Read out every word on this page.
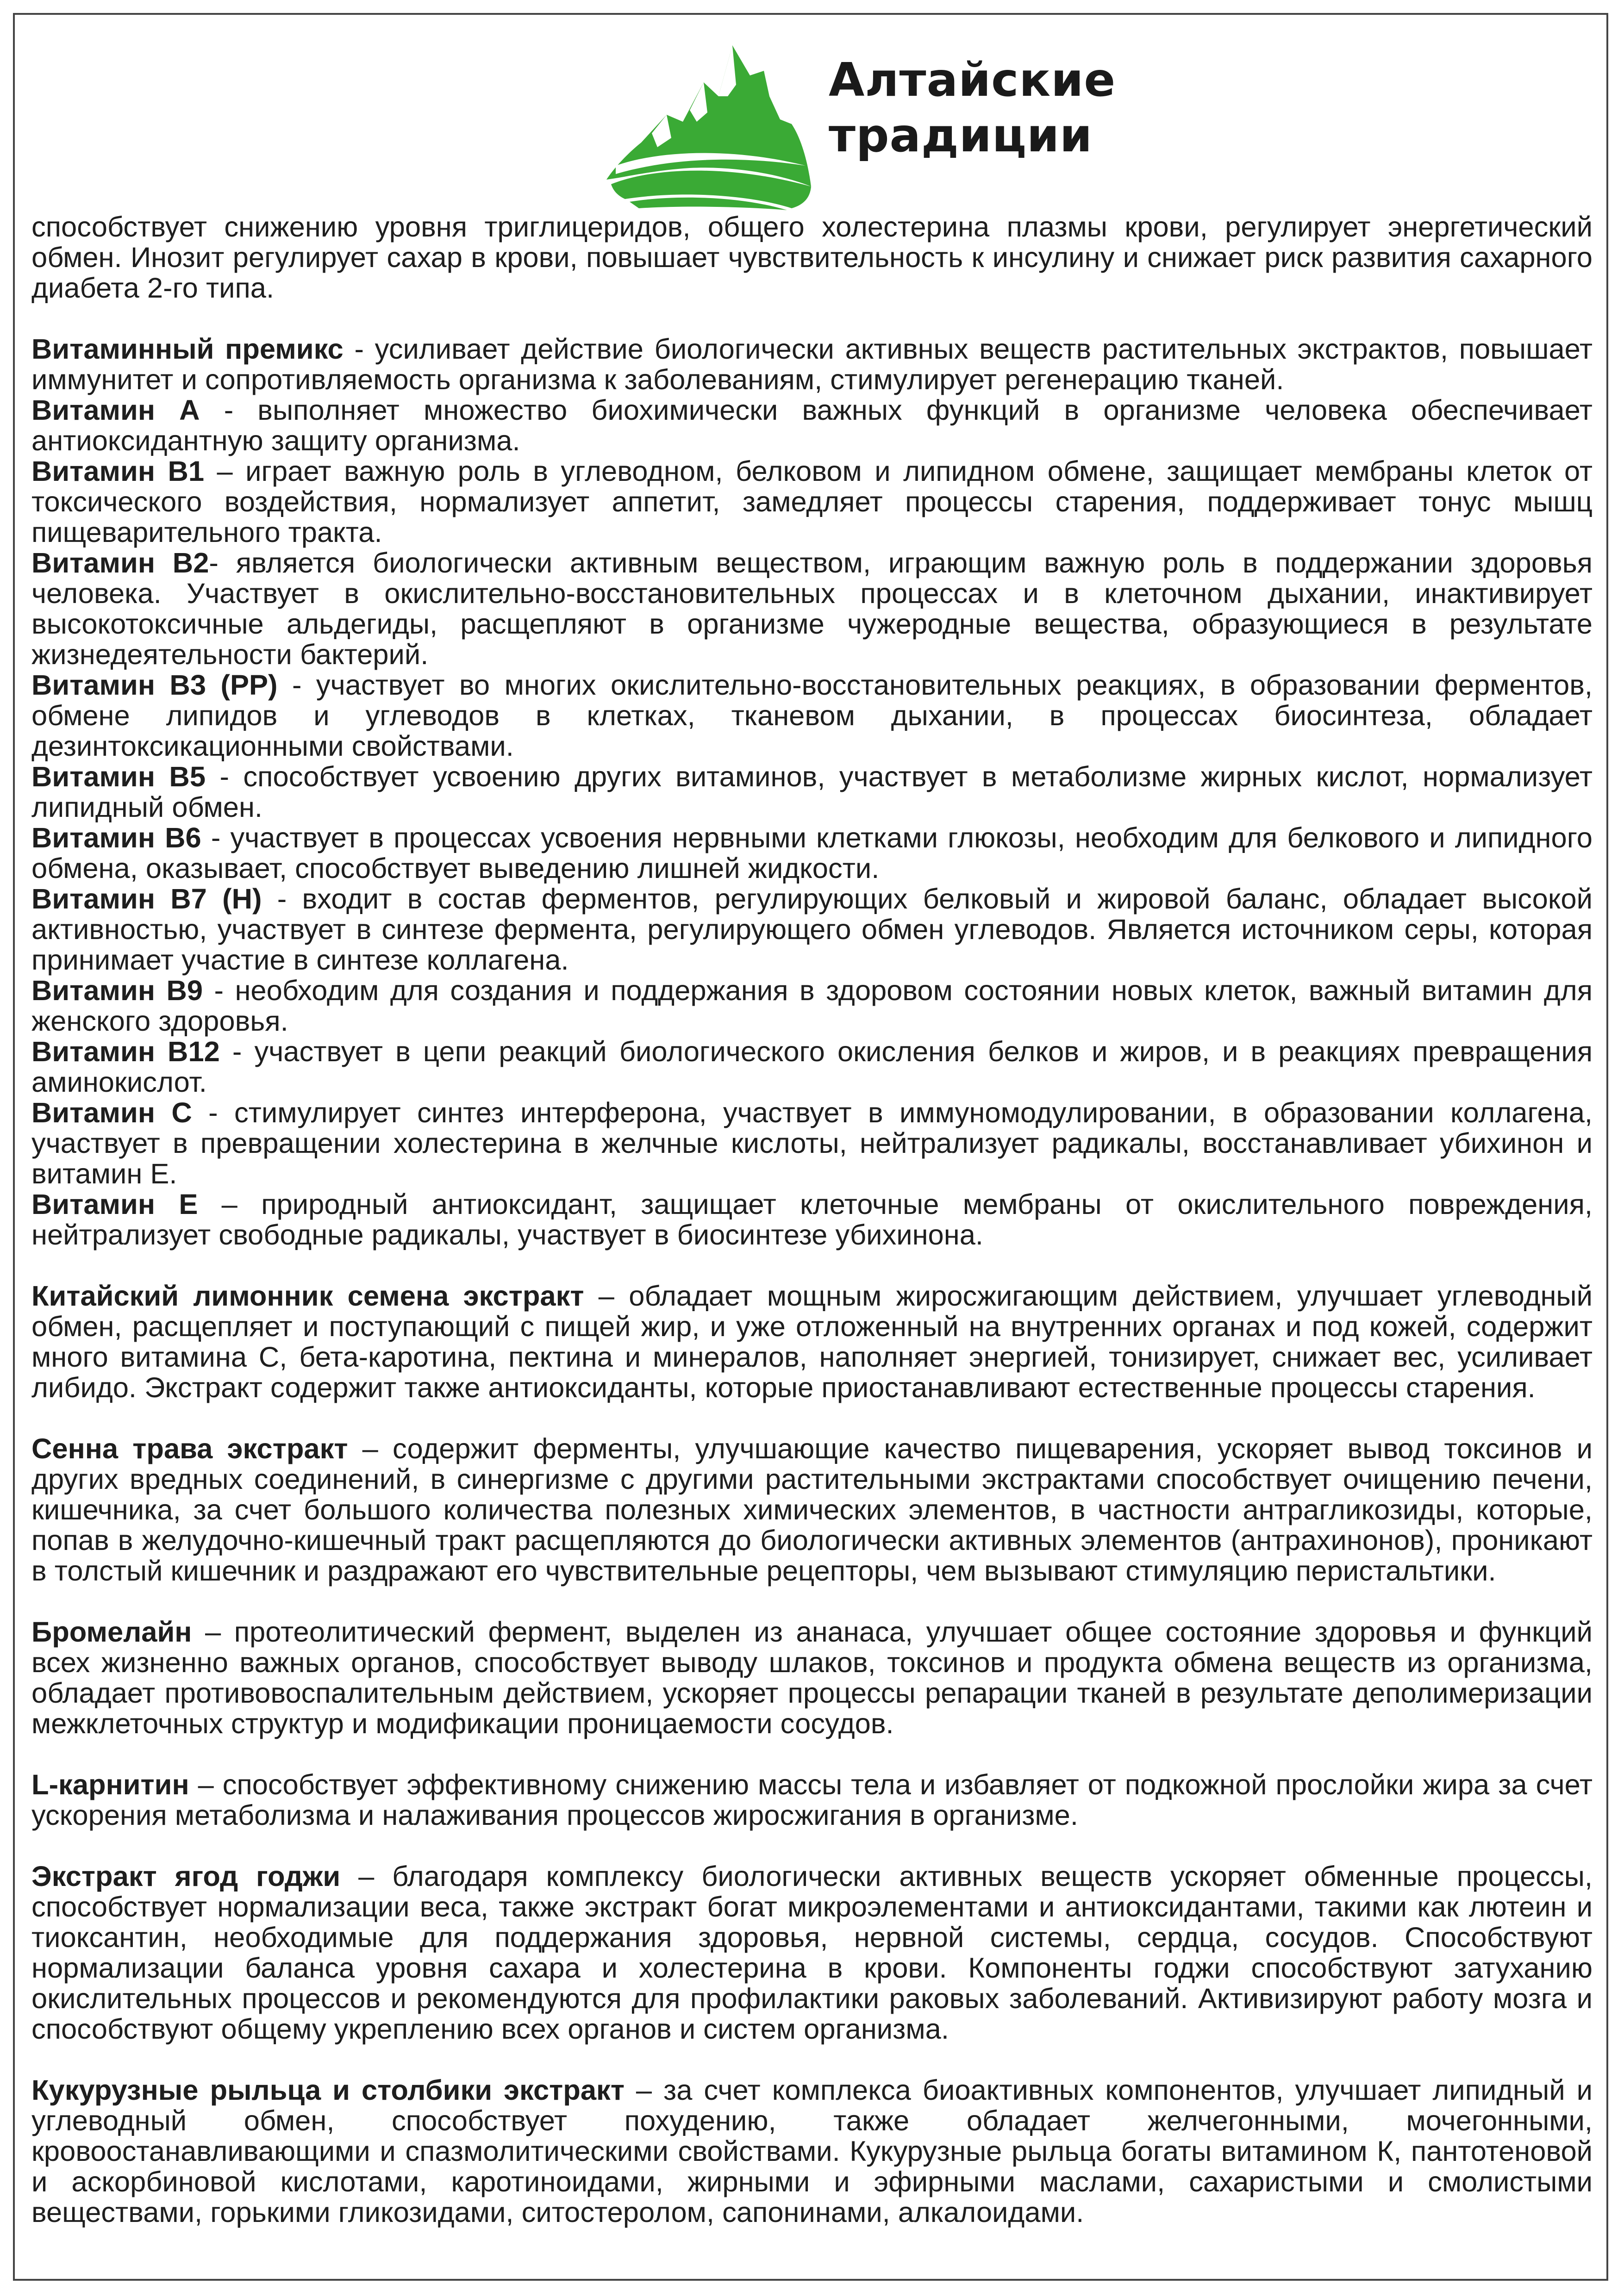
Алтайские
традиции

способствует снижению уровня триглицеридов, общего холестерина плазмы крови, регулирует энергетический обмен. Инозит регулирует сахар в крови, повышает чувствительность к инсулину и снижает риск развития сахарного диабета 2-го типа.

Витаминный премикс - усиливает действие биологически активных веществ растительных экстрактов, повышает иммунитет и сопротивляемость организма к заболеваниям, стимулирует регенерацию тканей.

Витамин А - выполняет множество биохимически важных функций в организме человека обеспечивает антиоксидантную защиту организма.

Витамин В1 – играет важную роль в углеводном, белковом и липидном обмене, защищает мембраны клеток от токсического воздействия, нормализует аппетит, замедляет процессы старения, поддерживает тонус мышц пищеварительного тракта.

Витамин В2- является биологически активным веществом, играющим важную роль в поддержании здоровья человека. Участвует в окислительно-восстановительных процессах и в клеточном дыхании, инактивирует высокотоксичные альдегиды, расщепляют в организме чужеродные вещества, образующиеся в результате жизнедеятельности бактерий.

Витамин В3 (РР) - участвует во многих окислительно-восстановительных реакциях, в образовании ферментов, обмене липидов и углеводов в клетках, тканевом дыхании, в процессах биосинтеза, обладает дезинтоксикационными свойствами.

Витамин В5 - способствует усвоению других витаминов, участвует в метаболизме жирных кислот, нормализует липидный обмен.

Витамин В6 - участвует в процессах усвоения нервными клетками глюкозы, необходим для белкового и липидного обмена, оказывает, способствует выведению лишней жидкости.

Витамин В7 (Н) - входит в состав ферментов, регулирующих белковый и жировой баланс, обладает высокой активностью, участвует в синтезе фермента, регулирующего обмен углеводов. Является источником серы, которая принимает участие в синтезе коллагена.

Витамин В9 - необходим для создания и поддержания в здоровом состоянии новых клеток, важный витамин для женского здоровья.

Витамин В12 - участвует в цепи реакций биологического окисления белков и жиров, и в реакциях превращения аминокислот.

Витамин С - стимулирует синтез интерферона, участвует в иммуномодулировании, в образовании коллагена, участвует в превращении холестерина в желчные кислоты, нейтрализует радикалы, восстанавливает убихинон и витамин Е.

Витамин Е – природный антиоксидант, защищает клеточные мембраны от окислительного повреждения, нейтрализует свободные радикалы, участвует в биосинтезе убихинона.

Китайский лимонник семена экстракт – обладает мощным жиросжигающим действием, улучшает углеводный обмен, расщепляет и поступающий с пищей жир, и уже отложенный на внутренних органах и под кожей, содержит много витамина С, бета-каротина, пектина и минералов, наполняет энергией, тонизирует, снижает вес, усиливает либидо. Экстракт содержит также антиоксиданты, которые приостанавливают естественные процессы старения.

Сенна трава экстракт – содержит ферменты, улучшающие качество пищеварения, ускоряет вывод токсинов и других вредных соединений, в синергизме с другими растительными экстрактами способствует очищению печени, кишечника, за счет большого количества полезных химических элементов, в частности антрагликозиды, которые, попав в желудочно-кишечный тракт расщепляются до биологически активных элементов (антрахинонов), проникают в толстый кишечник и раздражают его чувствительные рецепторы, чем вызывают стимуляцию перистальтики.

Бромелайн – протеолитический фермент, выделен из ананаса, улучшает общее состояние здоровья и функций всех жизненно важных органов, способствует выводу шлаков, токсинов и продукта обмена веществ из организма, обладает противовоспалительным действием, ускоряет процессы репарации тканей в результате деполимеризации межклеточных структур и модификации проницаемости сосудов.

L-карнитин – способствует эффективному снижению массы тела и избавляет от подкожной прослойки жира за счет ускорения метаболизма и налаживания процессов жиросжигания в организме.

Экстракт ягод годжи – благодаря комплексу биологически активных веществ ускоряет обменные процессы, способствует нормализации веса, также экстракт богат микроэлементами и антиоксидантами, такими как лютеин и тиоксантин, необходимые для поддержания здоровья, нервной системы, сердца, сосудов. Способствуют нормализации баланса уровня сахара и холестерина в крови. Компоненты годжи способствуют затуханию окислительных процессов и рекомендуются для профилактики раковых заболеваний. Активизируют работу мозга и способствуют общему укреплению всех органов и систем организма.

Кукурузные рыльца и столбики экстракт – за счет комплекса биоактивных компонентов, улучшает липидный и углеводный обмен, способствует похудению, также обладает желчегонными, мочегонными, кровоостанавливающими и спазмолитическими свойствами. Кукурузные рыльца богаты витамином К, пантотеновой и аскорбиновой кислотами, каротиноидами, жирными и эфирными маслами, сахаристыми и смолистыми веществами, горькими гликозидами, ситостеролом, сапонинами, алкалоидами.
